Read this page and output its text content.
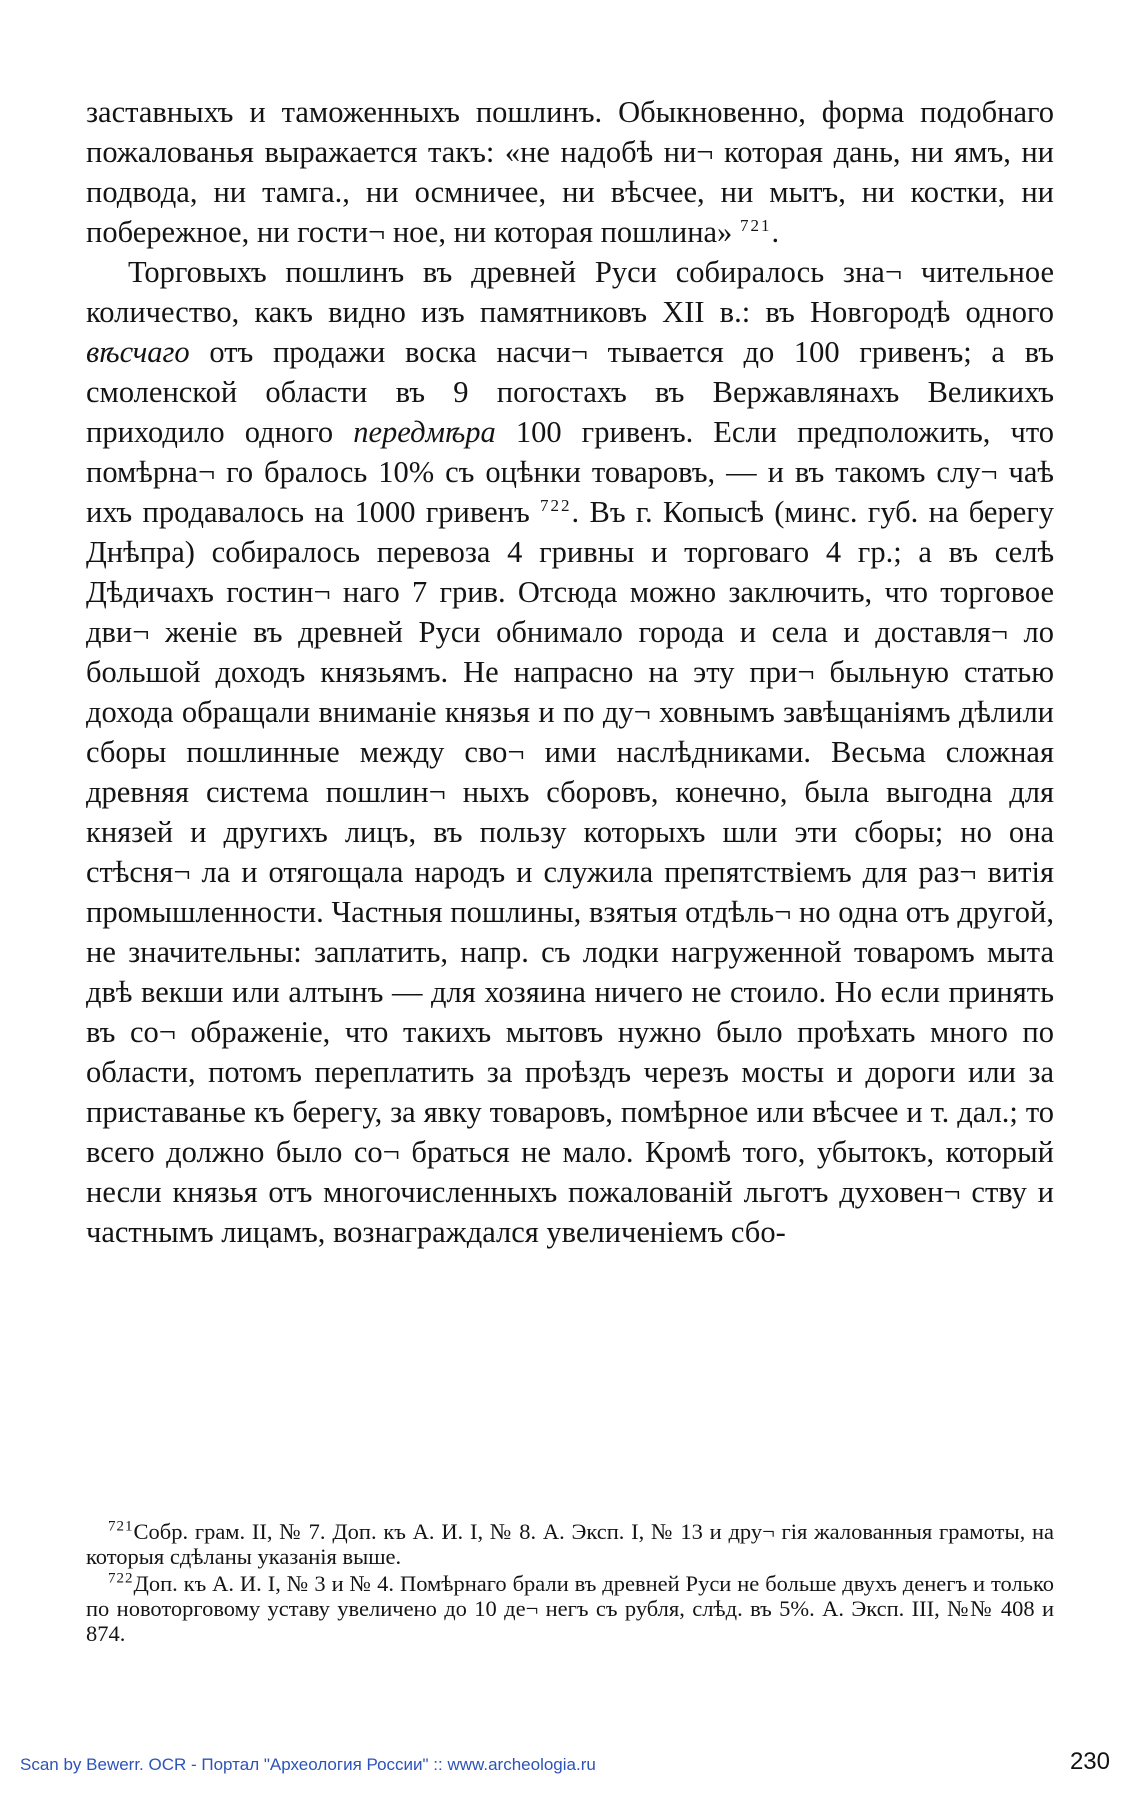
заставныхъ и таможенныхъ пошлинъ. Обыкновенно, форма подобнаго пожалованья выражается такъ: «не надобѣ ни¬ которая дань, ни ямъ, ни подвода, ни тамга., ни осмничее, ни вѣсчее, ни мытъ, ни костки, ни побережное, ни гости¬ ное, ни которая пошлина» $^{721}$.

Торговыхъ пошлинъ въ древней Руси собиралось зна¬ чительное количество, какъ видно изъ памятниковъ XII в.: въ Новгородѣ одного вѣсчаго отъ продажи воска насчи¬ тывается до 100 гривенъ; а въ смоленской области въ 9 погостахъ въ Вержавлянахъ Великихъ приходило одного передмѣра 100 гривенъ. Если предположить, что помѣрна¬ го бралось 10% съ оцѣнки товаровъ, — и въ такомъ слу¬ чаѣ ихъ продавалось на 1000 гривенъ $^{722}$. Въ г. Копысѣ (минс. губ. на берегу Днѣпра) собиралось перевоза 4 гривны и торговаго 4 гр.; а въ селѣ Дѣдичахъ гостин¬ наго 7 грив. Отсюда можно заключить, что торговое дви¬ женіе въ древней Руси обнимало города и села и доставля¬ ло большой доходъ князьямъ. Не напрасно на эту при¬ быльную статью дохода обращали вниманіе князья и по ду¬ ховнымъ завѣщаніямъ дѣлили сборы пошлинные между сво¬ ими наслѣдниками. Весьма сложная древняя система пошлин¬ ныхъ сборовъ, конечно, была выгодна для князей и другихъ лицъ, въ пользу которыхъ шли эти сборы; но она стѣсня¬ ла и отягощала народъ и служила препятствіемъ для раз¬ витія промышленности. Частныя пошлины, взятыя отдѣль¬ но одна отъ другой, не значительны: заплатить, напр. съ лодки нагруженной товаромъ мыта двѣ векши или алтынъ — для хозяина ничего не стоило. Но если принять въ со¬ ображеніе, что такихъ мытовъ нужно было проѣхать много по области, потомъ переплатить за проѣздъ черезъ мосты и дороги или за приставанье къ берегу, за явку товаровъ, помѣрное или вѣсчее и т. дал.; то всего должно было со¬ браться не мало. Кромѣ того, убытокъ, который несли князья отъ многочисленныхъ пожалованій льготъ духовен¬ ству и частнымъ лицамъ, вознаграждался увеличеніемъ сбо-

$^{721}$Собр. грам. II, № 7. Доп. къ А. И. I, № 8. А. Эксп. I, № 13 и дру¬ гія жалованныя грамоты, на которыя сдѣланы указанія выше.

$^{722}$Доп. къ А. И. I, № 3 и № 4. Помѣрнаго брали въ древней Руси не больше двухъ денегъ и только по новоторговому уставу увеличено до 10 де¬ негъ съ рубля, слѣд. въ 5%. А. Эксп. III, №№ 408 и 874.

Scan by Bewerr. OCR - Портал "Археология России" :: www.archeologia.ru	230
